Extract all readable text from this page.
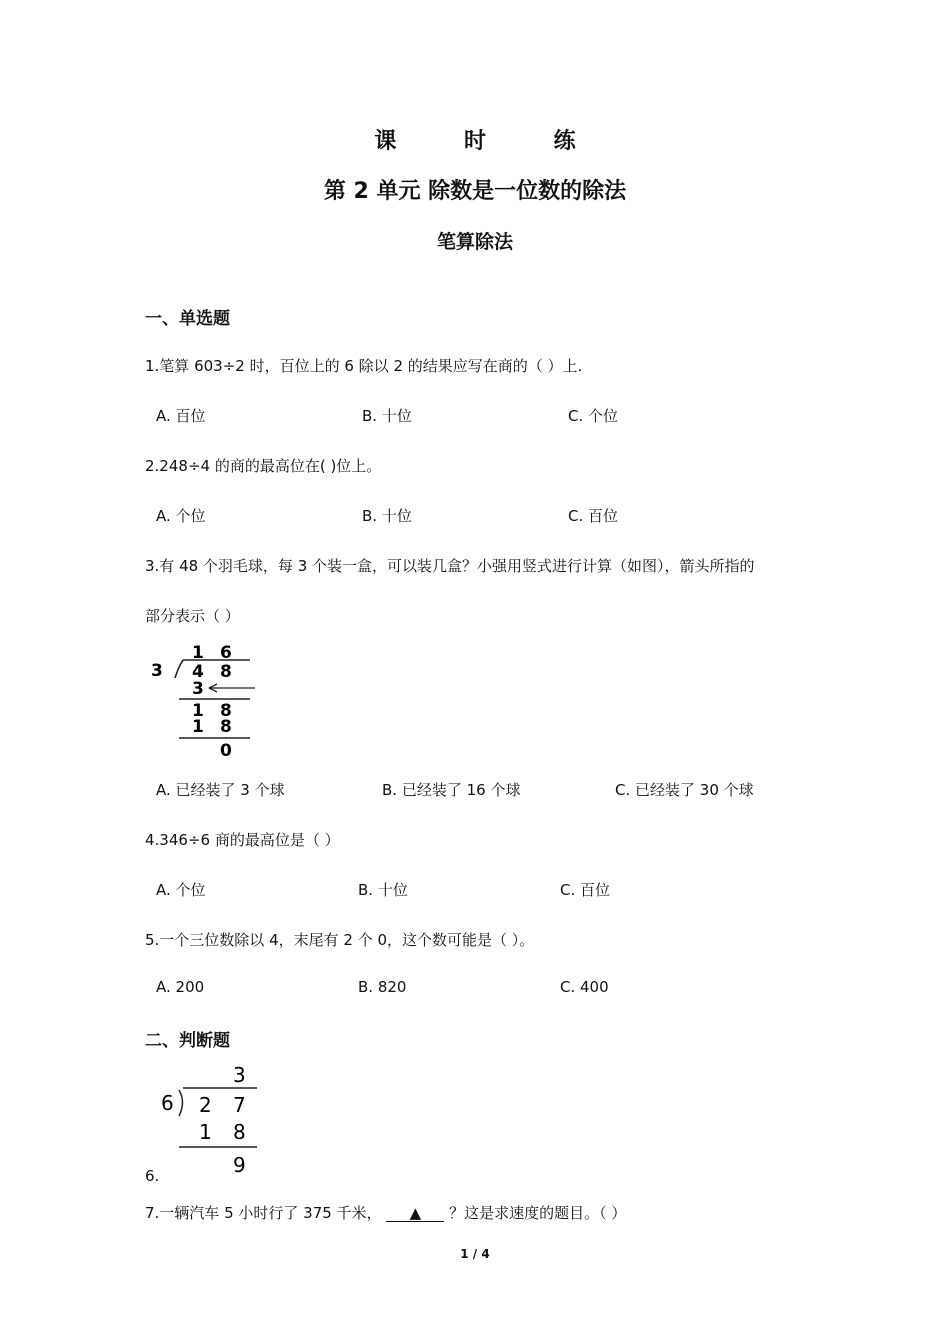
课 时 练
第 2 单元 除数是一位数的除法
笔算除法
一、单选题
1.笔算 603÷2 时，百位上的 6 除以 2 的结果应写在商的（ ）上.
A. 百位	B. 十位	C. 个位
2.248÷4 的商的最高位在( )位上。
A. 个位	B. 十位	C. 百位
3.有 48 个羽毛球，每 3 个装一盒，可以装几盒？小强用竖式进行计算（如图），箭头所指的
部分表示（ ）
3
1 6
4 8
3
1 8
1 8
0
A. 已经装了 3 个球	B. 已经装了 16 个球	C. 已经装了 30 个球
4.346÷6 商的最高位是（ ）
A. 个位	B. 十位	C. 百位
5.一个三位数除以 4，末尾有 2 个 0，这个数可能是（ ）。
A. 200	B. 820	C. 400
二、判断题
3
6 2 7
1 8
9
6.
7.一辆汽车 5 小时行了 375 千米， ▲ ？这是求速度的题目。（ ）
1 / 4
